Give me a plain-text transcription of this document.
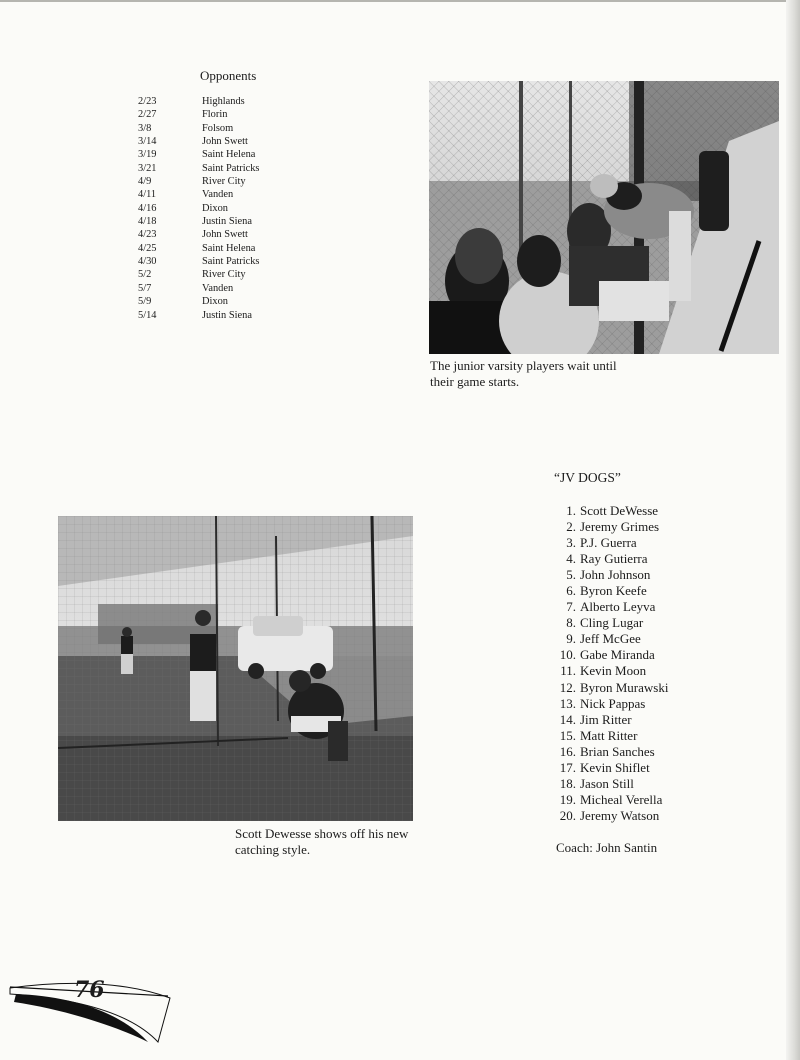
Opponents
2/23	Highlands
2/27	Florin
3/8	Folsom
3/14	John Swett
3/19	Saint Helena
3/21	Saint Patricks
4/9	River City
4/11	Vanden
4/16	Dixon
4/18	Justin Siena
4/23	John Swett
4/25	Saint Helena
4/30	Saint Patricks
5/2	River City
5/7	Vanden
5/9	Dixon
5/14	Justin Siena
The junior varsity players wait until their game starts.
“JV DOGS”
1. Scott DeWesse
2. Jeremy Grimes
3. P.J. Guerra
4. Ray Gutierra
5. John Johnson
6. Byron Keefe
7. Alberto Leyva
8. Cling Lugar
9. Jeff McGee
10. Gabe Miranda
11. Kevin Moon
12. Byron Murawski
13. Nick Pappas
14. Jim Ritter
15. Matt Ritter
16. Brian Sanches
17. Kevin Shiflet
18. Jason Still
19. Micheal Verella
20. Jeremy Watson
Coach: John Santin
Scott Dewesse shows off his new catching style.
76
